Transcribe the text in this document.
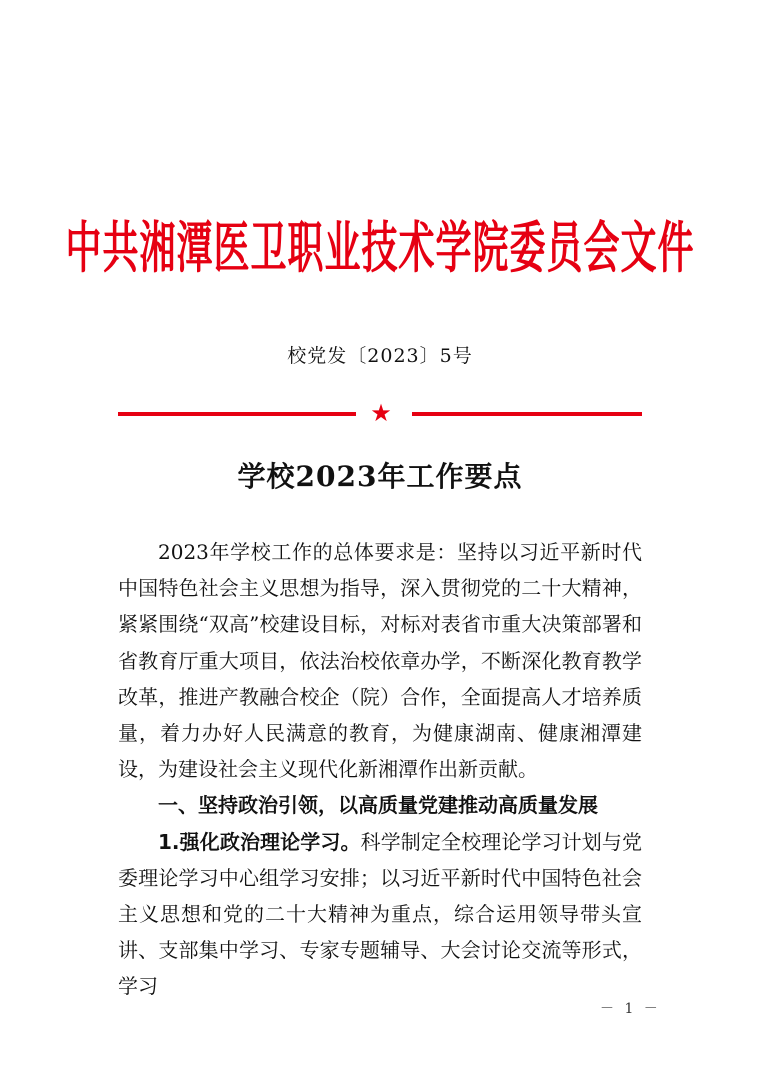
中共湘潭医卫职业技术学院委员会文件
校党发〔2023〕5号
★
学校2023年工作要点

2023年学校工作的总体要求是：坚持以习近平新时代中国特色社会主义思想为指导，深入贯彻党的二十大精神，紧紧围绕“双高”校建设目标，对标对表省市重大决策部署和省教育厅重大项目，依法治校依章办学，不断深化教育教学改革，推进产教融合校企（院）合作，全面提高人才培养质量，着力办好人民满意的教育，为健康湖南、健康湘潭建设，为建设社会主义现代化新湘潭作出新贡献。

一、坚持政治引领，以高质量党建推动高质量发展

1.强化政治理论学习。科学制定全校理论学习计划与党委理论学习中心组学习安排；以习近平新时代中国特色社会主义思想和党的二十大精神为重点，综合运用领导带头宣讲、支部集中学习、专家专题辅导、大会讨论交流等形式，学习

－ 1 －
